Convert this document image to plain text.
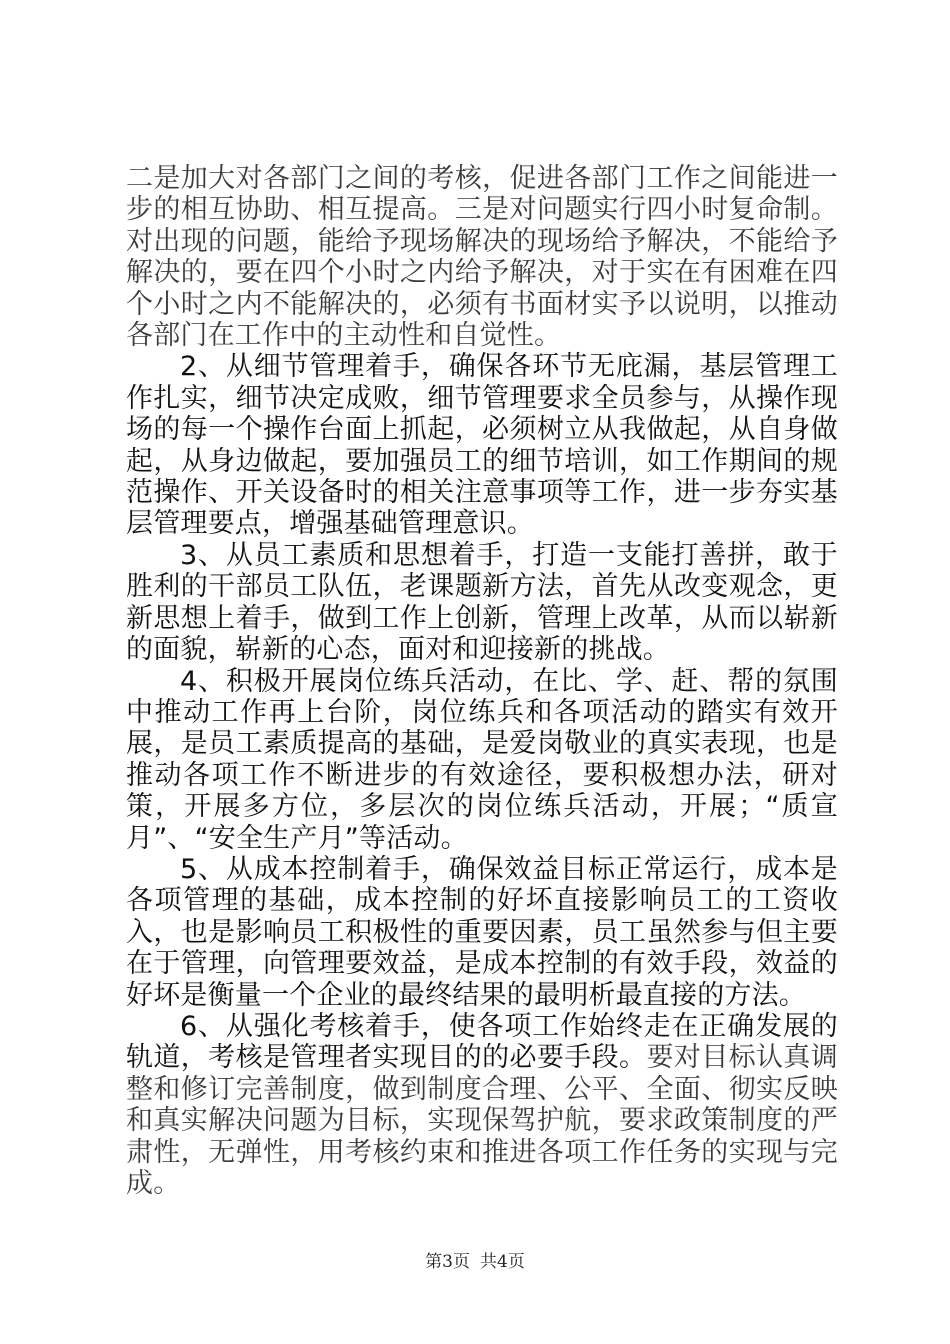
二是加大对各部门之间的考核，促进各部门工作之间能进一步的相互协助、相互提高。三是对问题实行四小时复命制。对出现的问题，能给予现场解决的现场给予解决，不能给予解决的，要在四个小时之内给予解决，对于实在有困难在四个小时之内不能解决的，必须有书面材实予以说明，以推动各部门在工作中的主动性和自觉性。

2、从细节管理着手，确保各环节无庇漏，基层管理工作扎实，细节决定成败，细节管理要求全员参与，从操作现场的每一个操作台面上抓起，必须树立从我做起，从自身做起，从身边做起，要加强员工的细节培训，如工作期间的规范操作、开关设备时的相关注意事项等工作，进一步夯实基层管理要点，增强基础管理意识。

3、从员工素质和思想着手，打造一支能打善拼，敢于胜利的干部员工队伍，老课题新方法，首先从改变观念，更新思想上着手，做到工作上创新，管理上改革，从而以崭新的面貌，崭新的心态，面对和迎接新的挑战。

4、积极开展岗位练兵活动，在比、学、赶、帮的氛围中推动工作再上台阶，岗位练兵和各项活动的踏实有效开展，是员工素质提高的基础，是爱岗敬业的真实表现，也是推动各项工作不断进步的有效途径，要积极想办法，研对策，开展多方位，多层次的岗位练兵活动，开展；“质宣月”、“安全生产月”等活动。

5、从成本控制着手，确保效益目标正常运行，成本是各项管理的基础，成本控制的好坏直接影响员工的工资收入，也是影响员工积极性的重要因素，员工虽然参与但主要在于管理，向管理要效益，是成本控制的有效手段，效益的好坏是衡量一个企业的最终结果的最明析最直接的方法。

6、从强化考核着手，使各项工作始终走在正确发展的轨道，考核是管理者实现目的的必要手段。要对目标认真调整和修订完善制度，做到制度合理、公平、全面、彻实反映和真实解决问题为目标，实现保驾护航，要求政策制度的严肃性，无弹性，用考核约束和推进各项工作任务的实现与完成。

第3页 共4页
